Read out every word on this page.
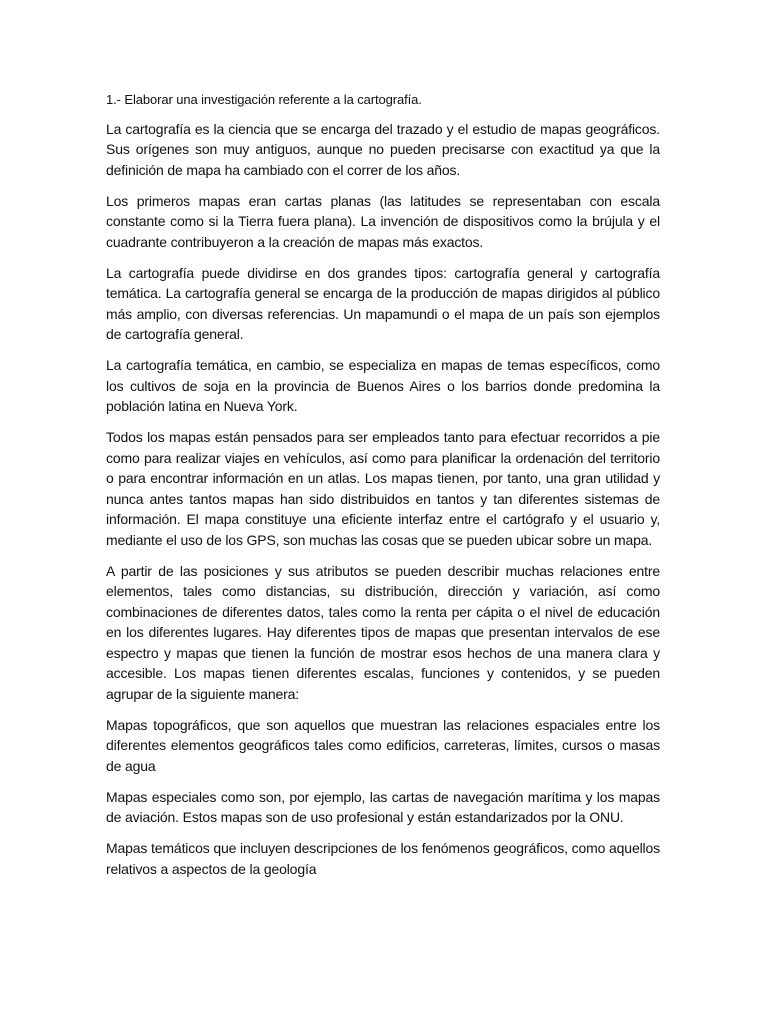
1.- Elaborar una investigación referente a la cartografía.

La cartografía es la ciencia que se encarga del trazado y el estudio de mapas geográficos. Sus orígenes son muy antiguos, aunque no pueden precisarse con exactitud ya que la definición de mapa ha cambiado con el correr de los años.

Los primeros mapas eran cartas planas (las latitudes se representaban con escala constante como si la Tierra fuera plana). La invención de dispositivos como la brújula y el cuadrante contribuyeron a la creación de mapas más exactos.

La cartografía puede dividirse en dos grandes tipos: cartografía general y cartografía temática. La cartografía general se encarga de la producción de mapas dirigidos al público más amplio, con diversas referencias. Un mapamundi o el mapa de un país son ejemplos de cartografía general.

La cartografía temática, en cambio, se especializa en mapas de temas específicos, como los cultivos de soja en la provincia de Buenos Aires o los barrios donde predomina la población latina en Nueva York.

Todos los mapas están pensados para ser empleados tanto para efectuar recorridos a pie como para realizar viajes en vehículos, así como para planificar la ordenación del territorio o para encontrar información en un atlas. Los mapas tienen, por tanto, una gran utilidad y nunca antes tantos mapas han sido distribuidos en tantos y tan diferentes sistemas de información. El mapa constituye una eficiente interfaz entre el cartógrafo y el usuario y, mediante el uso de los GPS, son muchas las cosas que se pueden ubicar sobre un mapa.

A partir de las posiciones y sus atributos se pueden describir muchas relaciones entre elementos, tales como distancias, su distribución, dirección y variación, así como combinaciones de diferentes datos, tales como la renta per cápita o el nivel de educación en los diferentes lugares. Hay diferentes tipos de mapas que presentan intervalos de ese espectro y mapas que tienen la función de mostrar esos hechos de una manera clara y accesible. Los mapas tienen diferentes escalas, funciones y contenidos, y se pueden agrupar de la siguiente manera:

Mapas topográficos, que son aquellos que muestran las relaciones espaciales entre los diferentes elementos geográficos tales como edificios, carreteras, límites, cursos o masas de agua

Mapas especiales como son, por ejemplo, las cartas de navegación marítima y los mapas de aviación. Estos mapas son de uso profesional y están estandarizados por la ONU.

Mapas temáticos que incluyen descripciones de los fenómenos geográficos, como aquellos relativos a aspectos de la geología
